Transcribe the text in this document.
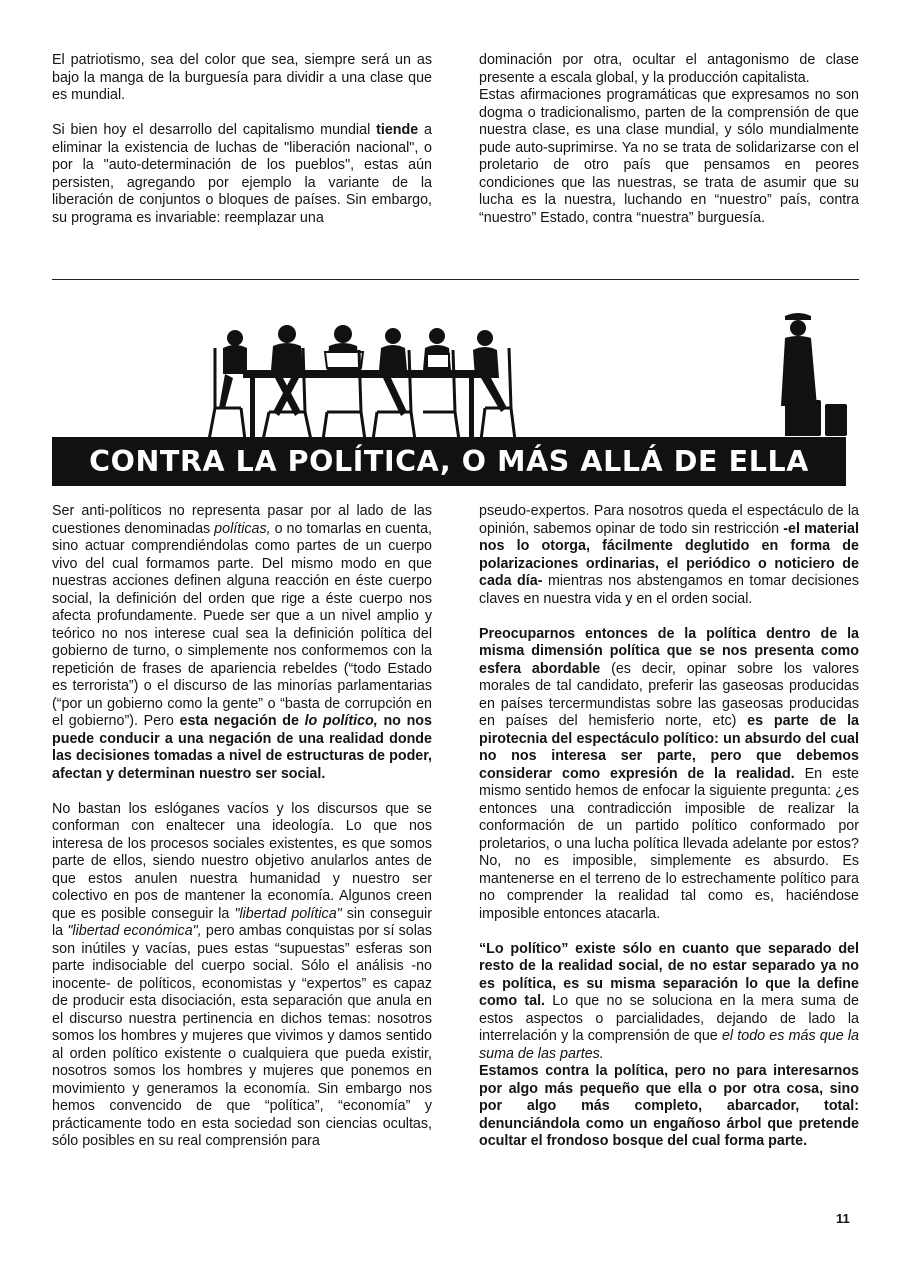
El patriotismo, sea del color que sea, siempre será un as bajo la manga de la burguesía para dividir a una clase que es mundial.

Si bien hoy el desarrollo del capitalismo mundial tiende a eliminar la existencia de luchas de "liberación nacional", o por la "auto-determinación de los pueblos", estas aún persisten, agregando por ejemplo la variante de la liberación de conjuntos o bloques de países. Sin embargo, su programa es invariable: reemplazar una

dominación por otra, ocultar el antagonismo de clase presente a escala global, y la producción capitalista.

Estas afirmaciones programáticas que expresamos no son dogma o tradicionalismo, parten de la comprensión de que nuestra clase, es una clase mundial, y sólo mundialmente pude auto-suprimirse. Ya no se trata de solidarizarse con el proletario de otro país que pensamos en peores condiciones que las nuestras, se trata de asumir que su lucha es la nuestra, luchando en “nuestro” país, contra “nuestro” Estado, contra “nuestra” burguesía.

CONTRA LA POLÍTICA, O MÁS ALLÁ DE ELLA

Ser anti-políticos no representa pasar por al lado de las cuestiones denominadas políticas, o no tomarlas en cuenta, sino actuar comprendiéndolas como partes de un cuerpo vivo del cual formamos parte. Del mismo modo en que nuestras acciones definen alguna reacción en éste cuerpo social, la definición del orden que rige a éste cuerpo nos afecta profundamente. Puede ser que a un nivel amplio y teórico no nos interese cual sea la definición política del gobierno de turno, o simplemente nos conformemos con la repetición de frases de apariencia rebeldes (“todo Estado es terrorista”) o el discurso de las minorías parlamentarias (“por un gobierno como la gente” o “basta de corrupción en el gobierno”). Pero esta negación de lo político, no nos puede conducir a una negación de una realidad donde las decisiones tomadas a nivel de estructuras de poder, afectan y determinan nuestro ser social.

No bastan los eslóganes vacíos y los discursos que se conforman con enaltecer una ideología. Lo que nos interesa de los procesos sociales existentes, es que somos parte de ellos, siendo nuestro objetivo anularlos antes de que estos anulen nuestra humanidad y nuestro ser colectivo en pos de mantener la economía. Algunos creen que es posible conseguir la "libertad política" sin conseguir la "libertad económica", pero ambas conquistas por sí solas son inútiles y vacías, pues estas “supuestas” esferas son parte indisociable del cuerpo social. Sólo el análisis -no inocente- de políticos, economistas y “expertos” es capaz de producir esta disociación, esta separación que anula en el discurso nuestra pertinencia en dichos temas: nosotros somos los hombres y mujeres que vivimos y damos sentido al orden político existente o cualquiera que pueda existir, nosotros somos los hombres y mujeres que ponemos en movimiento y generamos la economía. Sin embargo nos hemos convencido de que “política”, “economía” y prácticamente todo en esta sociedad son ciencias ocultas, sólo posibles en su real comprensión para

pseudo-expertos. Para nosotros queda el espectáculo de la opinión, sabemos opinar de todo sin restricción -el material nos lo otorga, fácilmente deglutido en forma de polarizaciones ordinarias, el periódico o noticiero de cada día- mientras nos abstengamos en tomar decisiones claves en nuestra vida y en el orden social.

Preocuparnos entonces de la política dentro de la misma dimensión política que se nos presenta como esfera abordable (es decir, opinar sobre los valores morales de tal candidato, preferir las gaseosas producidas en países tercermundistas sobre las gaseosas producidas en países del hemisferio norte, etc) es parte de la pirotecnia del espectáculo político: un absurdo del cual no nos interesa ser parte, pero que debemos considerar como expresión de la realidad. En este mismo sentido hemos de enfocar la siguiente pregunta: ¿es entonces una contradicción imposible de realizar la conformación de un partido político conformado por proletarios, o una lucha política llevada adelante por estos? No, no es imposible, simplemente es absurdo. Es mantenerse en el terreno de lo estrechamente político para no comprender la realidad tal como es, haciéndose imposible entonces atacarla.

“Lo político” existe sólo en cuanto que separado del resto de la realidad social, de no estar separado ya no es política, es su misma separación lo que la define como tal. Lo que no se soluciona en la mera suma de estos aspectos o parcialidades, dejando de lado la interrelación y la comprensión de que el todo es más que la suma de las partes.

Estamos contra la política, pero no para interesarnos por algo más pequeño que ella o por otra cosa, sino por algo más completo, abarcador, total: denunciándola como un engañoso árbol que pretende ocultar el frondoso bosque del cual forma parte.

11
